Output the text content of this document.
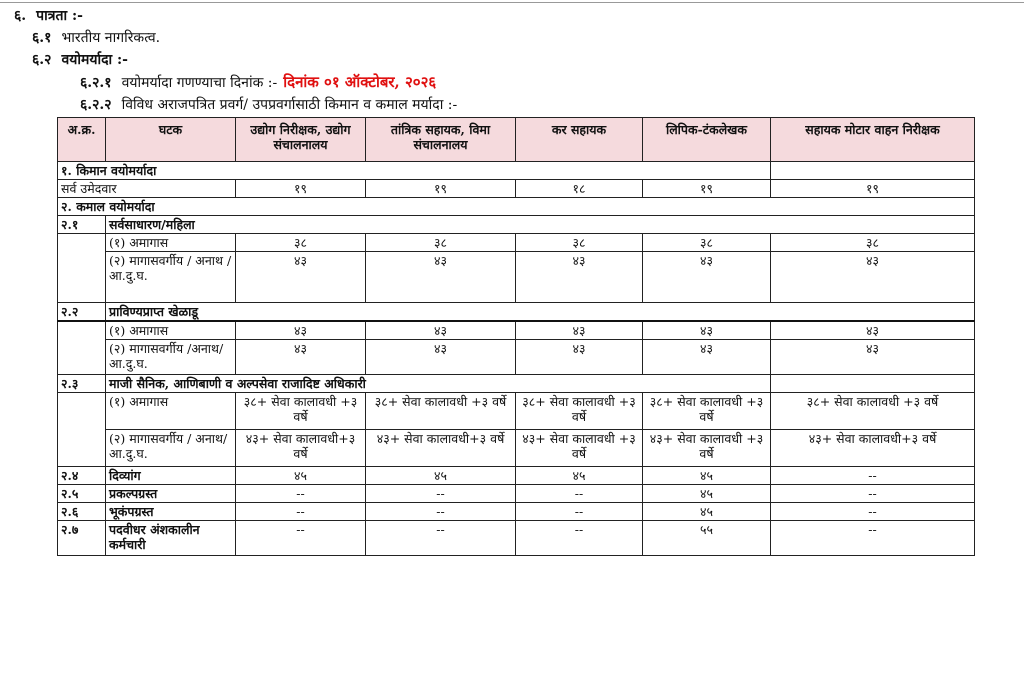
६. पात्रता :-
६.१ भारतीय नागरिकत्व.
६.२ वयोमर्यादा :-
६.२.१ वयोमर्यादा गणण्याचा दिनांक :- दिनांक ०१ ऑक्टोबर, २०२६
६.२.२ विविध अराजपत्रित प्रवर्ग/ उपप्रवर्गासाठी किमान व कमाल मर्यादा :-
अ.क्र.	घटक	उद्योग निरीक्षक, उद्योग संचालनालय	तांत्रिक सहायक, विमा संचालनालय	कर सहायक	लिपिक-टंकलेखक	सहायक मोटार वाहन निरीक्षक
१. किमान वयोमर्यादा						
सर्व उमेदवार		१९	१९	१८	१९	१९
२. कमाल वयोमर्यादा						
२.१	सर्वसाधारण/महिला					
	(१) अमागास	३८	३८	३८	३८	३८
	(२) मागासवर्गीय / अनाथ / आ.दु.घ.	४३	४३	४३	४३	४३
२.२	प्राविण्यप्राप्त खेळाडू					
	(१) अमागास	४३	४३	४३	४३	४३
	(२) मागासवर्गीय /अनाथ/आ.दु.घ.	४३	४३	४३	४३	४३
२.३	माजी सैनिक, आणिबाणी व अल्पसेवा राजादिष्ट अधिकारी					
	(१) अमागास	३८+ सेवा कालावधी +३ वर्षे	३८+ सेवा कालावधी +३ वर्षे	३८+ सेवा कालावधी +३ वर्षे	३८+ सेवा कालावधी +३ वर्षे	३८+ सेवा कालावधी +३ वर्षे
	(२) मागासवर्गीय / अनाथ/आ.दु.घ.	४३+ सेवा कालावधी+३ वर्षे	४३+ सेवा कालावधी+३ वर्षे	४३+ सेवा कालावधी +३ वर्षे	४३+ सेवा कालावधी +३ वर्षे	४३+ सेवा कालावधी+३ वर्षे
२.४	दिव्यांग	४५	४५	४५	४५	--
२.५	प्रकल्पग्रस्त	--	--	--	४५	--
२.६	भूकंपग्रस्त	--	--	--	४५	--
२.७	पदवीधर अंशकालीन कर्मचारी	--	--	--	५५	--
